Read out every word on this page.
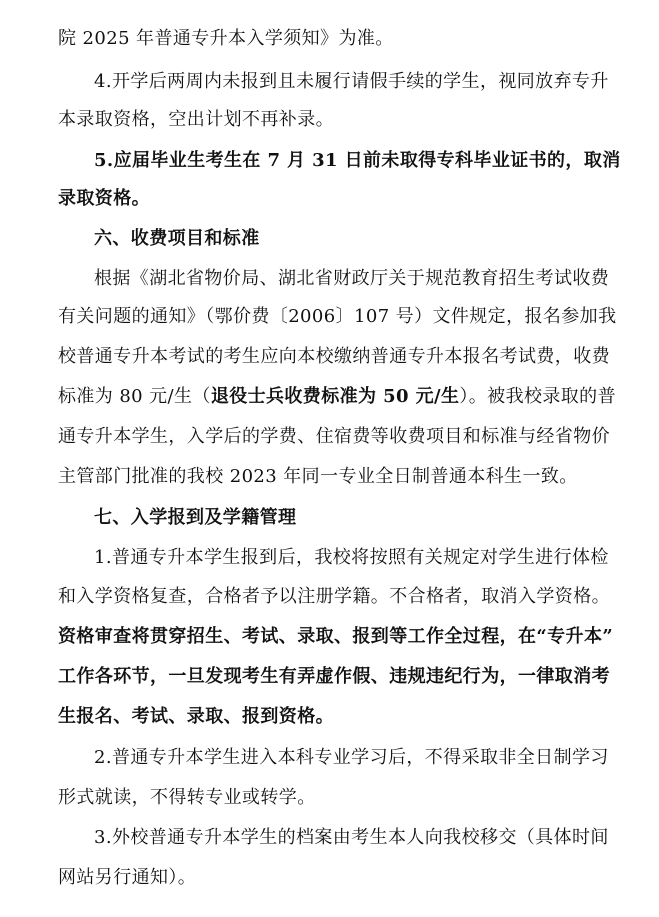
院 2025 年普通专升本入学须知》为准。
4.开学后两周内未报到且未履行请假手续的学生，视同放弃专升
本录取资格，空出计划不再补录。
5.应届毕业生考生在 7 月 31 日前未取得专科毕业证书的，取消
录取资格。
六、收费项目和标准
根据《湖北省物价局、湖北省财政厅关于规范教育招生考试收费
有关问题的通知》（鄂价费〔2006〕107 号）文件规定，报名参加我
校普通专升本考试的考生应向本校缴纳普通专升本报名考试费，收费
标准为 80 元/生（退役士兵收费标准为 50 元/生）。被我校录取的普
通专升本学生，入学后的学费、住宿费等收费项目和标准与经省物价
主管部门批准的我校 2023 年同一专业全日制普通本科生一致。
七、入学报到及学籍管理
1.普通专升本学生报到后，我校将按照有关规定对学生进行体检
和入学资格复查，合格者予以注册学籍。不合格者，取消入学资格。
资格审查将贯穿招生、考试、录取、报到等工作全过程，在“专升本”
工作各环节，一旦发现考生有弄虚作假、违规违纪行为，一律取消考
生报名、考试、录取、报到资格。
2.普通专升本学生进入本科专业学习后，不得采取非全日制学习
形式就读，不得转专业或转学。
3.外校普通专升本学生的档案由考生本人向我校移交（具体时间
网站另行通知）。
